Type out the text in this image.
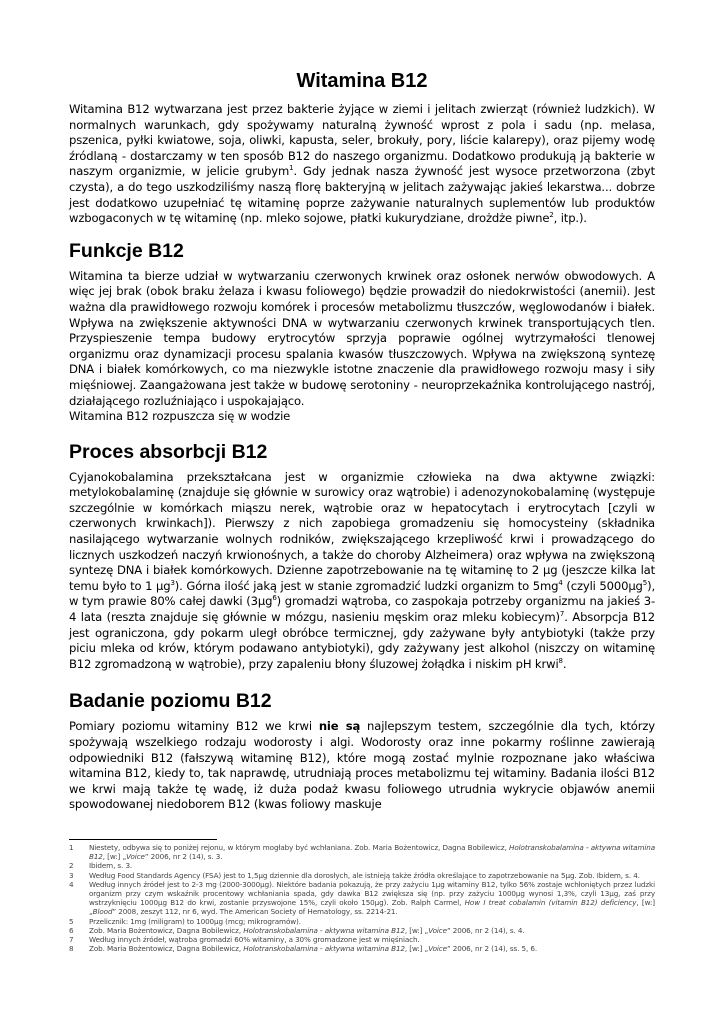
Witamina B12

Witamina B12 wytwarzana jest przez bakterie żyjące w ziemi i jelitach zwierząt (również ludzkich). W normalnych warunkach, gdy spożywamy naturalną żywność wprost z pola i sadu (np. melasa, pszenica, pyłki kwiatowe, soja, oliwki, kapusta, seler, brokuły, pory, liście kalarepy), oraz pijemy wodę źródlaną - dostarczamy w ten sposób B12 do naszego organizmu. Dodatkowo produkują ją bakterie w naszym organizmie, w jelicie grubym$^1$. Gdy jednak nasza żywność jest wysoce przetworzona (zbyt czysta), a do tego uszkodziliśmy naszą florę bakteryjną w jelitach zażywając jakieś lekarstwa... dobrze jest dodatkowo uzupełniać tę witaminę poprze zażywanie naturalnych suplementów lub produktów wzbogaconych w tę witaminę (np. mleko sojowe, płatki kukurydziane, drożdże piwne$^2$, itp.).

Funkcje B12

Witamina ta bierze udział w wytwarzaniu czerwonych krwinek oraz osłonek nerwów obwodowych. A więc jej brak (obok braku żelaza i kwasu foliowego) będzie prowadził do niedokrwistości (anemii). Jest ważna dla prawidłowego rozwoju komórek i procesów metabolizmu tłuszczów, węglowodanów i białek. Wpływa na zwiększenie aktywności DNA w wytwarzaniu czerwonych krwinek transportujących tlen. Przyspieszenie tempa budowy erytrocytów sprzyja poprawie ogólnej wytrzymałości tlenowej organizmu oraz dynamizacji procesu spalania kwasów tłuszczowych. Wpływa na zwiększoną syntezę DNA i białek komórkowych, co ma niezwykle istotne znaczenie dla prawidłowego rozwoju masy i siły mięśniowej. Zaangażowana jest także w budowę serotoniny - neuroprzekaźnika kontrolującego nastrój, działającego rozluźniająco i uspokajająco.

Witamina B12 rozpuszcza się w wodzie

Proces absorbcji B12

Cyjanokobalamina przekształcana jest w organizmie człowieka na dwa aktywne związki: metylokobalaminę (znajduje się głównie w surowicy oraz wątrobie) i adenozynokobalaminę (występuje szczególnie w komórkach miąszu nerek, wątrobie oraz w hepatocytach i erytrocytach [czyli w czerwonych krwinkach]). Pierwszy z nich zapobiega gromadzeniu się homocysteiny (składnika nasilającego wytwarzanie wolnych rodników, zwiększającego krzepliwość krwi i prowadzącego do licznych uszkodzeń naczyń krwionośnych, a także do choroby Alzheimera) oraz wpływa na zwiększoną syntezę DNA i białek komórkowych. Dzienne zapotrzebowanie na tę witaminę to 2 µg (jeszcze kilka lat temu było to 1 µg$^3$). Górna ilość jaką jest w stanie zgromadzić ludzki organizm to $5mg^4$ (czyli 5000µg$^5$), w tym prawie 80% całej dawki (3µg$^6$) gromadzi wątroba, co zaspokaja potrzeby organizmu na jakieś 3-4 lata (reszta znajduje się głównie w mózgu, nasieniu męskim oraz mleku kobiecym)$^7$. Absorpcja B12 jest ograniczona, gdy pokarm uległ obróbce termicznej, gdy zażywane były antybiotyki (także przy piciu mleka od krów, którym podawano antybiotyki), gdy zażywany jest alkohol (niszczy on witaminę B12 zgromadzoną w wątrobie), przy zapaleniu błony śluzowej żołądka i niskim pH krwi$^8$.

Badanie poziomu B12

Pomiary poziomu witaminy B12 we krwi nie są najlepszym testem, szczególnie dla tych, którzy spożywają wszelkiego rodzaju wodorosty i algi. Wodorosty oraz inne pokarmy roślinne zawierają odpowiedniki B12 (fałszywą witaminę B12), które mogą zostać mylnie rozpoznane jako właściwa witamina B12, kiedy to, tak naprawdę, utrudniają proces metabolizmu tej witaminy. Badania ilości B12 we krwi mają także tę wadę, iż duża podaż kwasu foliowego utrudnia wykrycie objawów anemii spowodowanej niedoborem B12 (kwas foliowy maskuje

1	Niestety, odbywa się to poniżej rejonu, w którym mogłaby być wchłaniana. Zob. Maria Bożentowicz, Dagna Bobilewicz, Holotranskobalamina - aktywna witamina B12, [w:] „Voice” 2006, nr 2 (14), s. 3.
2	Ibidem, s. 3.
3	Według Food Standards Agency (FSA) jest to 1,5µg dziennie dla dorosłych, ale istnieją także źródła określające to zapotrzebowanie na 5µg. Zob. Ibidem, s. 4.
4	Według innych źródeł jest to 2-3 mg (2000-3000µg). Niektóre badania pokazują, że przy zażyciu 1µg witaminy B12, tylko 56% zostaje wchłoniętych przez ludzki organizm przy czym wskaźnik procentowy wchłaniania spada, gdy dawka B12 zwiększa się (np. przy zażyciu 1000µg wynosi 1,3%, czyli 13µg, zaś przy wstrzyknięciu 1000µg B12 do krwi, zostanie przyswojone 15%, czyli około 150µg). Zob. Ralph Carmel, How I treat cobalamin (vitamin B12) deficiency, [w:] „Blood” 2008, zeszyt 112, nr 6, wyd. The American Society of Hematology, ss. 2214-21.
5	Przelicznik: 1mg (miligram) to 1000µg (mcg; mikrogramów).
6	Zob. Maria Bożentowicz, Dagna Bobilewicz, Holotranskobalamina - aktywna witamina B12, [w:] „Voice” 2006, nr 2 (14), s. 4.
7	Według innych źródeł, wątroba gromadzi 60% witaminy, a 30% gromadzone jest w mięśniach.
8	Zob. Maria Bożentowicz, Dagna Bobilewicz, Holotranskobalamina - aktywna witamina B12, [w:] „Voice” 2006, nr 2 (14), ss. 5, 6.
